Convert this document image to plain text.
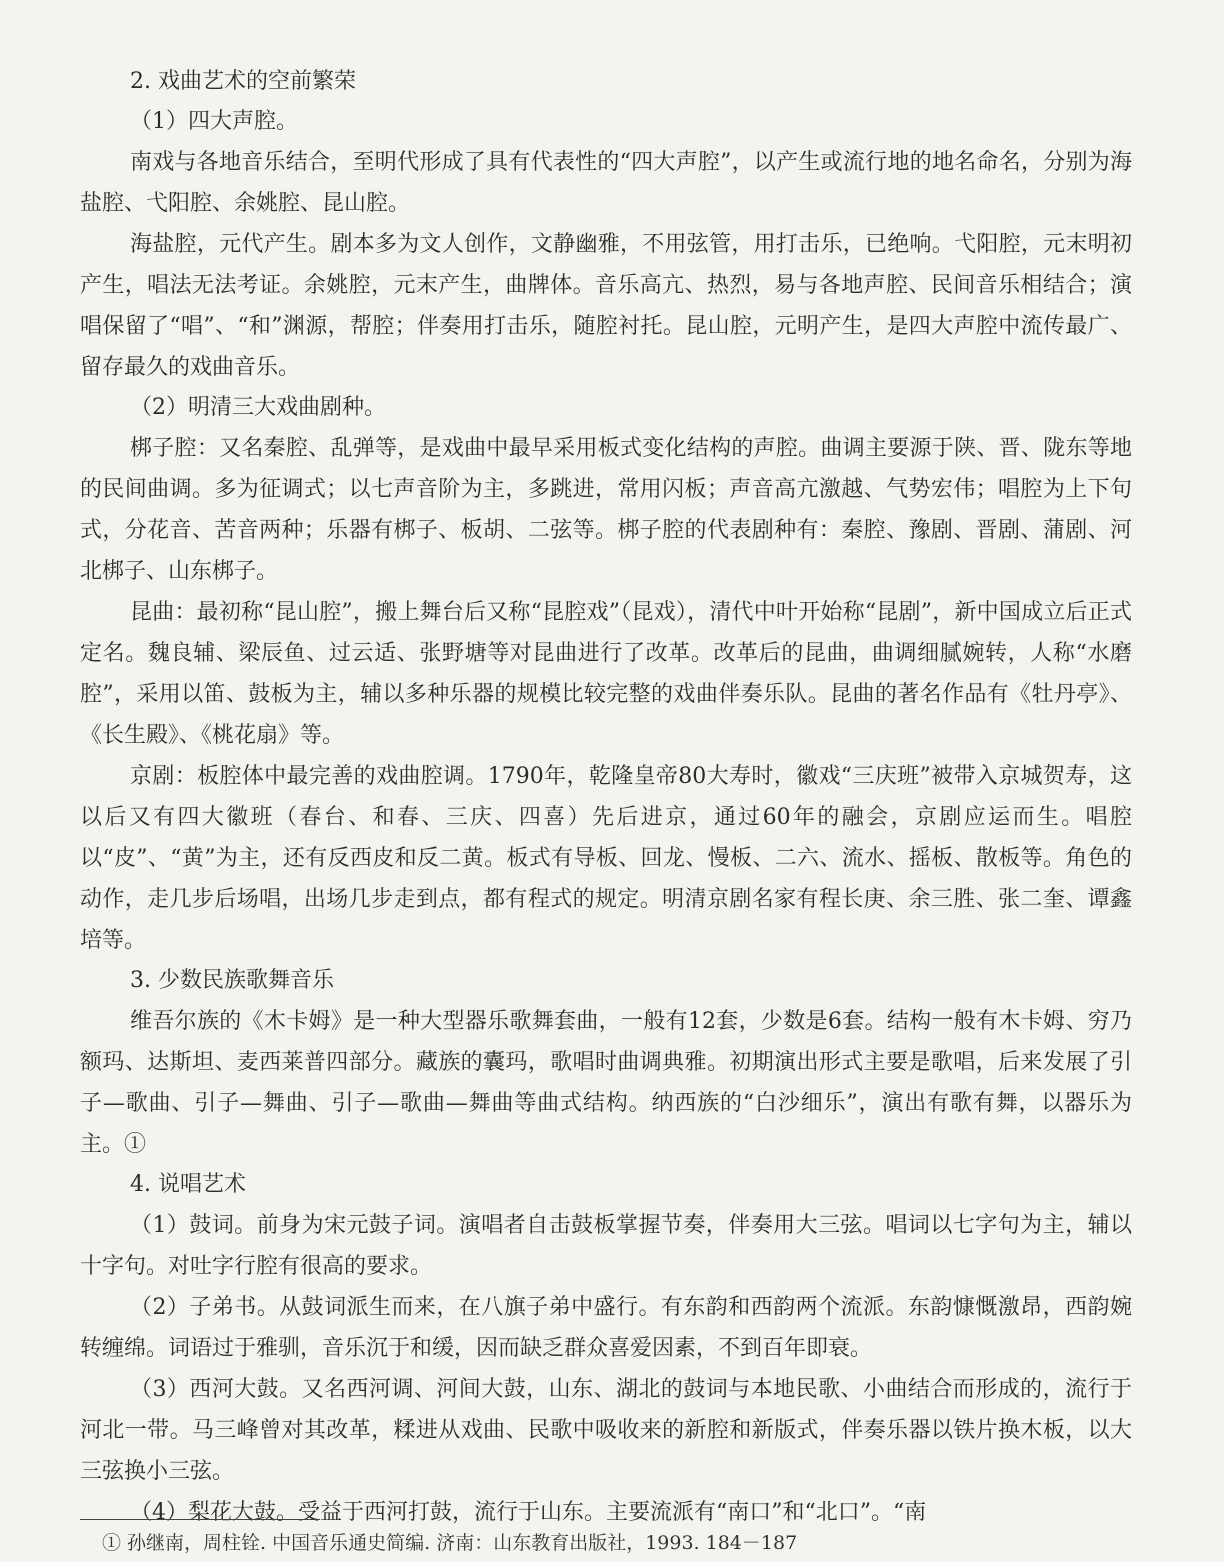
2. 戏曲艺术的空前繁荣
（1）四大声腔。

南戏与各地音乐结合，至明代形成了具有代表性的“四大声腔”，以产生或流行地的地名命名，分别为海盐腔、弋阳腔、余姚腔、昆山腔。

海盐腔，元代产生。剧本多为文人创作，文静幽雅，不用弦管，用打击乐，已绝响。弋阳腔，元末明初产生，唱法无法考证。余姚腔，元末产生，曲牌体。音乐高亢、热烈，易与各地声腔、民间音乐相结合；演唱保留了“唱”、“和”渊源，帮腔；伴奏用打击乐，随腔衬托。昆山腔，元明产生，是四大声腔中流传最广、留存最久的戏曲音乐。

（2）明清三大戏曲剧种。

梆子腔：又名秦腔、乱弹等，是戏曲中最早采用板式变化结构的声腔。曲调主要源于陕、晋、陇东等地的民间曲调。多为征调式；以七声音阶为主，多跳进，常用闪板；声音高亢激越、气势宏伟；唱腔为上下句式，分花音、苦音两种；乐器有梆子、板胡、二弦等。梆子腔的代表剧种有：秦腔、豫剧、晋剧、蒲剧、河北梆子、山东梆子。

昆曲：最初称“昆山腔”，搬上舞台后又称“昆腔戏”（昆戏），清代中叶开始称“昆剧”，新中国成立后正式定名。魏良辅、梁辰鱼、过云适、张野塘等对昆曲进行了改革。改革后的昆曲，曲调细腻婉转，人称“水磨腔”，采用以笛、鼓板为主，辅以多种乐器的规模比较完整的戏曲伴奏乐队。昆曲的著名作品有《牡丹亭》、《长生殿》、《桃花扇》等。

京剧：板腔体中最完善的戏曲腔调。1790年，乾隆皇帝80大寿时，徽戏“三庆班”被带入京城贺寿，这以后又有四大徽班（春台、和春、三庆、四喜）先后进京，通过60年的融会，京剧应运而生。唱腔以“皮”、“黄”为主，还有反西皮和反二黄。板式有导板、回龙、慢板、二六、流水、摇板、散板等。角色的动作，走几步后场唱，出场几步走到点，都有程式的规定。明清京剧名家有程长庚、余三胜、张二奎、谭鑫培等。

3. 少数民族歌舞音乐

维吾尔族的《木卡姆》是一种大型器乐歌舞套曲，一般有12套，少数是6套。结构一般有木卡姆、穷乃额玛、达斯坦、麦西莱普四部分。藏族的囊玛，歌唱时曲调典雅。初期演出形式主要是歌唱，后来发展了引子—歌曲、引子—舞曲、引子—歌曲—舞曲等曲式结构。纳西族的“白沙细乐”，演出有歌有舞，以器乐为主。①

4. 说唱艺术

（1）鼓词。前身为宋元鼓子词。演唱者自击鼓板掌握节奏，伴奏用大三弦。唱词以七字句为主，辅以十字句。对吐字行腔有很高的要求。

（2）子弟书。从鼓词派生而来，在八旗子弟中盛行。有东韵和西韵两个流派。东韵慷慨激昂，西韵婉转缠绵。词语过于雅驯，音乐沉于和缓，因而缺乏群众喜爱因素，不到百年即衰。

（3）西河大鼓。又名西河调、河间大鼓，山东、湖北的鼓词与本地民歌、小曲结合而形成的，流行于河北一带。马三峰曾对其改革，糅进从戏曲、民歌中吸收来的新腔和新版式，伴奏乐器以铁片换木板，以大三弦换小三弦。

（4）梨花大鼓。受益于西河打鼓，流行于山东。主要流派有“南口”和“北口”。“南

① 孙继南，周柱铨. 中国音乐通史简编. 济南：山东教育出版社，1993. 184－187
